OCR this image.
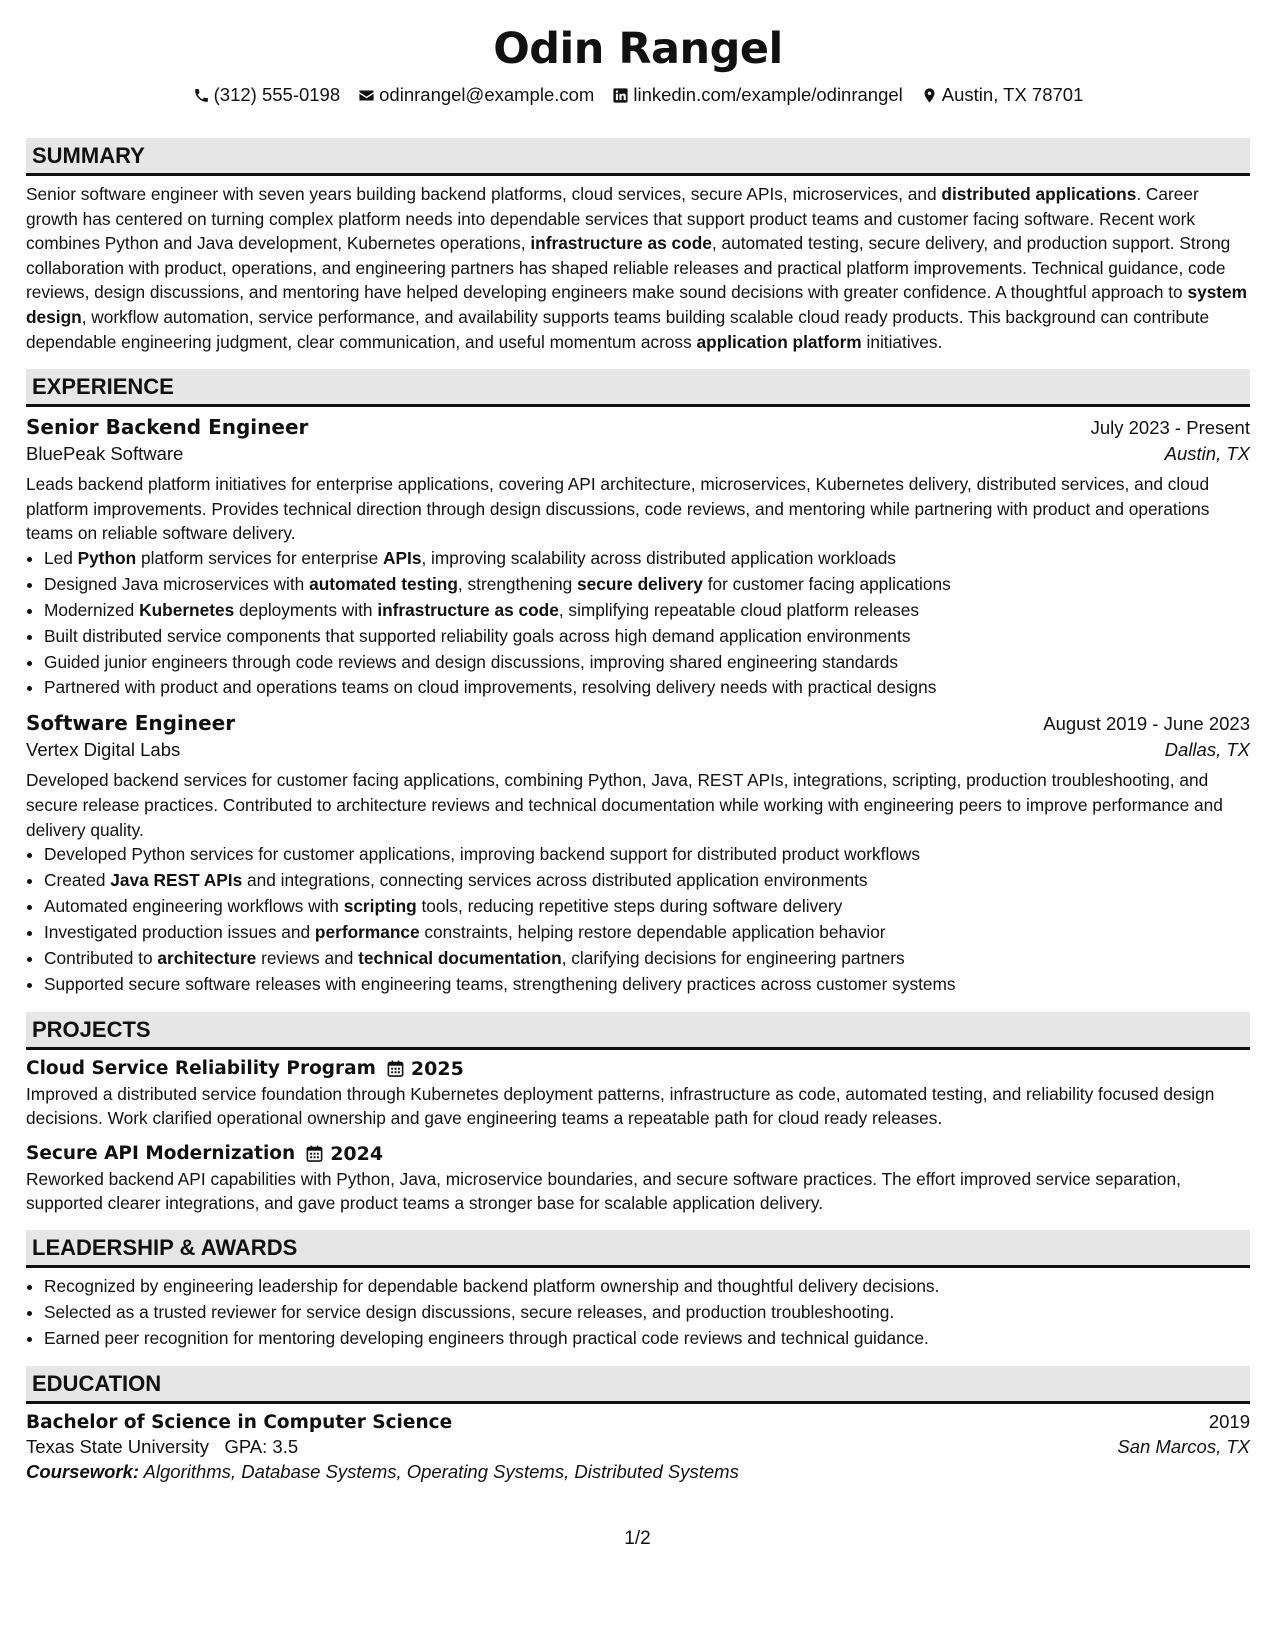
Odin Rangel
(312) 555-0198 odinrangel@example.com linkedin.com/example/odinrangel Austin, TX 78701
SUMMARY
Senior software engineer with seven years building backend platforms, cloud services, secure APIs, microservices, and distributed applications. Career growth has centered on turning complex platform needs into dependable services that support product teams and customer facing software. Recent work combines Python and Java development, Kubernetes operations, infrastructure as code, automated testing, secure delivery, and production support. Strong collaboration with product, operations, and engineering partners has shaped reliable releases and practical platform improvements. Technical guidance, code reviews, design discussions, and mentoring have helped developing engineers make sound decisions with greater confidence. A thoughtful approach to system design, workflow automation, service performance, and availability supports teams building scalable cloud ready products. This background can contribute dependable engineering judgment, clear communication, and useful momentum across application platform initiatives.
EXPERIENCE
Senior Backend Engineer	July 2023 - Present
BluePeak Software	Austin, TX
Leads backend platform initiatives for enterprise applications, covering API architecture, microservices, Kubernetes delivery, distributed services, and cloud platform improvements. Provides technical direction through design discussions, code reviews, and mentoring while partnering with product and operations teams on reliable software delivery.
• Led Python platform services for enterprise APIs, improving scalability across distributed application workloads
• Designed Java microservices with automated testing, strengthening secure delivery for customer facing applications
• Modernized Kubernetes deployments with infrastructure as code, simplifying repeatable cloud platform releases
• Built distributed service components that supported reliability goals across high demand application environments
• Guided junior engineers through code reviews and design discussions, improving shared engineering standards
• Partnered with product and operations teams on cloud improvements, resolving delivery needs with practical designs
Software Engineer	August 2019 - June 2023
Vertex Digital Labs	Dallas, TX
Developed backend services for customer facing applications, combining Python, Java, REST APIs, integrations, scripting, production troubleshooting, and secure release practices. Contributed to architecture reviews and technical documentation while working with engineering peers to improve performance and delivery quality.
• Developed Python services for customer applications, improving backend support for distributed product workflows
• Created Java REST APIs and integrations, connecting services across distributed application environments
• Automated engineering workflows with scripting tools, reducing repetitive steps during software delivery
• Investigated production issues and performance constraints, helping restore dependable application behavior
• Contributed to architecture reviews and technical documentation, clarifying decisions for engineering partners
• Supported secure software releases with engineering teams, strengthening delivery practices across customer systems
PROJECTS
Cloud Service Reliability Program 2025
Improved a distributed service foundation through Kubernetes deployment patterns, infrastructure as code, automated testing, and reliability focused design decisions. Work clarified operational ownership and gave engineering teams a repeatable path for cloud ready releases.
Secure API Modernization 2024
Reworked backend API capabilities with Python, Java, microservice boundaries, and secure software practices. The effort improved service separation, supported clearer integrations, and gave product teams a stronger base for scalable application delivery.
LEADERSHIP & AWARDS
• Recognized by engineering leadership for dependable backend platform ownership and thoughtful delivery decisions.
• Selected as a trusted reviewer for service design discussions, secure releases, and production troubleshooting.
• Earned peer recognition for mentoring developing engineers through practical code reviews and technical guidance.
EDUCATION
Bachelor of Science in Computer Science	2019
Texas State University GPA: 3.5	San Marcos, TX
Coursework: Algorithms, Database Systems, Operating Systems, Distributed Systems
1/2
